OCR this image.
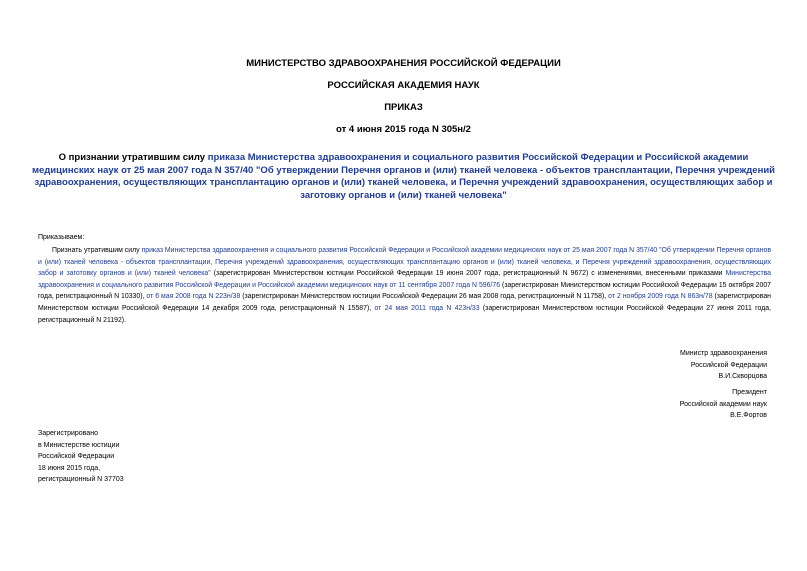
МИНИСТЕРСТВО ЗДРАВООХРАНЕНИЯ РОССИЙСКОЙ ФЕДЕРАЦИИ
РОССИЙСКАЯ АКАДЕМИЯ НАУК
ПРИКАЗ
от 4 июня 2015 года N 305н/2
О признании утратившим силу приказа Министерства здравоохранения и социального развития Российской Федерации и Российской академии медицинских наук от 25 мая 2007 года N 357/40 "Об утверждении Перечня органов и (или) тканей человека - объектов трансплантации, Перечня учреждений здравоохранения, осуществляющих трансплантацию органов и (или) тканей человека, и Перечня учреждений здравоохранения, осуществляющих забор и заготовку органов и (или) тканей человека"
Приказываем:
Признать утратившим силу приказ Министерства здравоохранения и социального развития Российской Федерации и Российской академии медицинских наук от 25 мая 2007 года N 357/40 "Об утверждении Перечня органов и (или) тканей человека - объектов трансплантации, Перечня учреждений здравоохранения, осуществляющих трансплантацию органов и (или) тканей человека, и Перечня учреждений здравоохранения, осуществляющих забор и заготовку органов и (или) тканей человека" (зарегистрирован Министерством юстиции Российской Федерации 19 июня 2007 года, регистрационный N 9672) с изменениями, внесенными приказами Министерства здравоохранения и социального развития Российской Федерации и Российской академии медицинских наук от 11 сентября 2007 года N 596/76 (зарегистрирован Министерством юстиции Российской Федерации 15 октября 2007 года, регистрационный N 10330), от 6 мая 2008 года N 223н/38 (зарегистрирован Министерством юстиции Российской Федерации 26 мая 2008 года, регистрационный N 11758), от 2 ноября 2009 года N 863н/78 (зарегистрирован Министерством юстиции Российской Федерации 14 декабря 2009 года, регистрационный N 15587), от 24 мая 2011 года N 423н/33 (зарегистрирован Министерством юстиции Российской Федерации 27 июня 2011 года, регистрационный N 21192).
Министр здравоохранения
Российской Федерации
В.И.Скворцова
Президент
Российской академии наук
В.Е.Фортов
Зарегистрировано
в Министерстве юстиции
Российской Федерации
18 июня 2015 года,
регистрационный N 37703
